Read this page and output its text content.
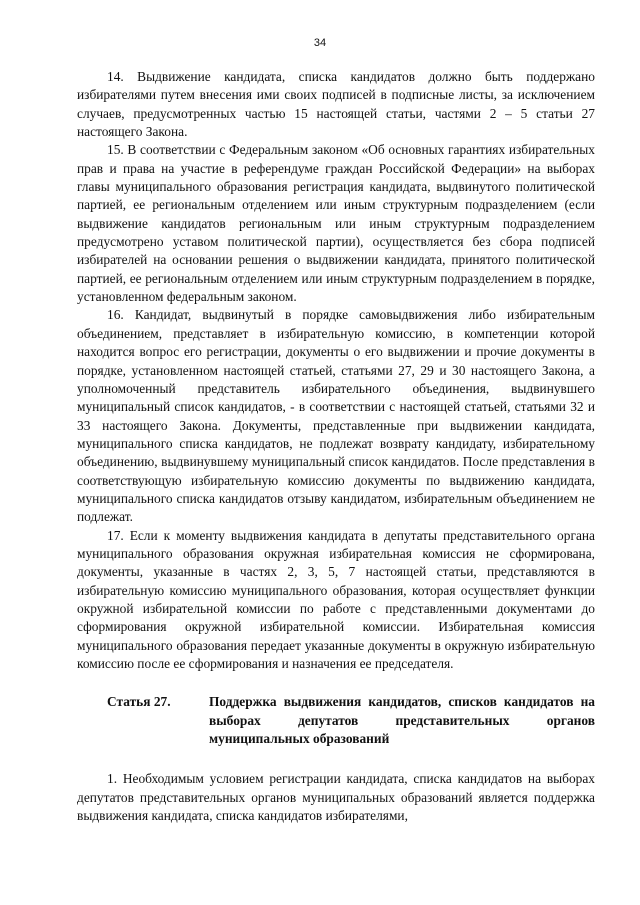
34

14. Выдвижение кандидата, списка кандидатов должно быть поддержано избирателями путем внесения ими своих подписей в подписные листы, за исключением случаев, предусмотренных частью 15 настоящей статьи, частями 2 – 5 статьи 27 настоящего Закона.

15. В соответствии с Федеральным законом «Об основных гарантиях избирательных прав и права на участие в референдуме граждан Российской Федерации» на выборах главы муниципального образования регистрация кандидата, выдвинутого политической партией, ее региональным отделением или иным структурным подразделением (если выдвижение кандидатов региональным или иным структурным подразделением предусмотрено уставом политической партии), осуществляется без сбора подписей избирателей на основании решения о выдвижении кандидата, принятого политической партией, ее региональным отделением или иным структурным подразделением в порядке, установленном федеральным законом.

16. Кандидат, выдвинутый в порядке самовыдвижения либо избирательным объединением, представляет в избирательную комиссию, в компетенции которой находится вопрос его регистрации, документы о его выдвижении и прочие документы в порядке, установленном настоящей статьей, статьями 27, 29 и 30 настоящего Закона, а уполномоченный представитель избирательного объединения, выдвинувшего муниципальный список кандидатов, - в соответствии с настоящей статьей, статьями 32 и 33 настоящего Закона. Документы, представленные при выдвижении кандидата, муниципального списка кандидатов, не подлежат возврату кандидату, избирательному объединению, выдвинувшему муниципальный список кандидатов. После представления в соответствующую избирательную комиссию документы по выдвижению кандидата, муниципального списка кандидатов отзыву кандидатом, избирательным объединением не подлежат.

17. Если к моменту выдвижения кандидата в депутаты представительного органа муниципального образования окружная избирательная комиссия не сформирована, документы, указанные в частях 2, 3, 5, 7 настоящей статьи, представляются в избирательную комиссию муниципального образования, которая осуществляет функции окружной избирательной комиссии по работе с представленными документами до сформирования окружной избирательной комиссии. Избирательная комиссия муниципального образования передает указанные документы в окружную избирательную комиссию после ее сформирования и назначения ее председателя.

Статья 27.	Поддержка выдвижения кандидатов, списков кандидатов на выборах депутатов представительных органов муниципальных образований

1. Необходимым условием регистрации кандидата, списка кандидатов на выборах депутатов представительных органов муниципальных образований является поддержка выдвижения кандидата, списка кандидатов избирателями,
